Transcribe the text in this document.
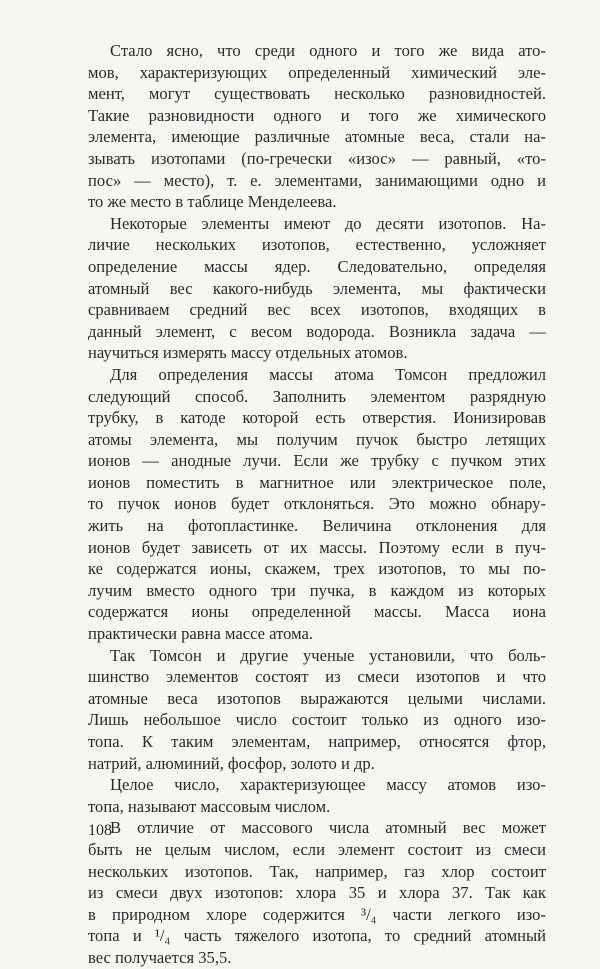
Стало ясно, что среди одного и того же вида ато-
мов, характеризующих определенный химический эле-
мент, могут существовать несколько разновидностей.
Такие разновидности одного и того же химического
элемента, имеющие различные атомные веса, стали на-
зывать изотопами (по-гречески «изос» — равный, «то-
пос» — место), т. е. элементами, занимающими одно и
то же место в таблице Менделеева.
Некоторые элементы имеют до десяти изотопов. На-
личие нескольких изотопов, естественно, усложняет
определение массы ядер. Следовательно, определяя
атомный вес какого-нибудь элемента, мы фактически
сравниваем средний вес всех изотопов, входящих в
данный элемент, с весом водорода. Возникла задача —
научиться измерять массу отдельных атомов.
Для определения массы атома Томсон предложил
следующий способ. Заполнить элементом разрядную
трубку, в катоде которой есть отверстия. Ионизировав
атомы элемента, мы получим пучок быстро летящих
ионов — анодные лучи. Если же трубку с пучком этих
ионов поместить в магнитное или электрическое поле,
то пучок ионов будет отклоняться. Это можно обнару-
жить на фотопластинке. Величина отклонения для
ионов будет зависеть от их массы. Поэтому если в пуч-
ке содержатся ионы, скажем, трех изотопов, то мы по-
лучим вместо одного три пучка, в каждом из которых
содержатся ионы определенной массы. Масса иона
практически равна массе атома.
Так Томсон и другие ученые установили, что боль-
шинство элементов состоят из смеси изотопов и что
атомные веса изотопов выражаются целыми числами.
Лишь небольшое число состоит только из одного изо-
топа. К таким элементам, например, относятся фтор,
натрий, алюминий, фосфор, золото и др.
Целое число, характеризующее массу атомов изо-
топа, называют массовым числом.
В отличие от массового числа атомный вес может
быть не целым числом, если элемент состоит из смеси
нескольких изотопов. Так, например, газ хлор состоит
из смеси двух изотопов: хлора 35 и хлора 37. Так как
в природном хлоре содержится ³/₄ части легкого изо-
топа и ¹/₄ часть тяжелого изотопа, то средний атомный
вес получается 35,5.
108
